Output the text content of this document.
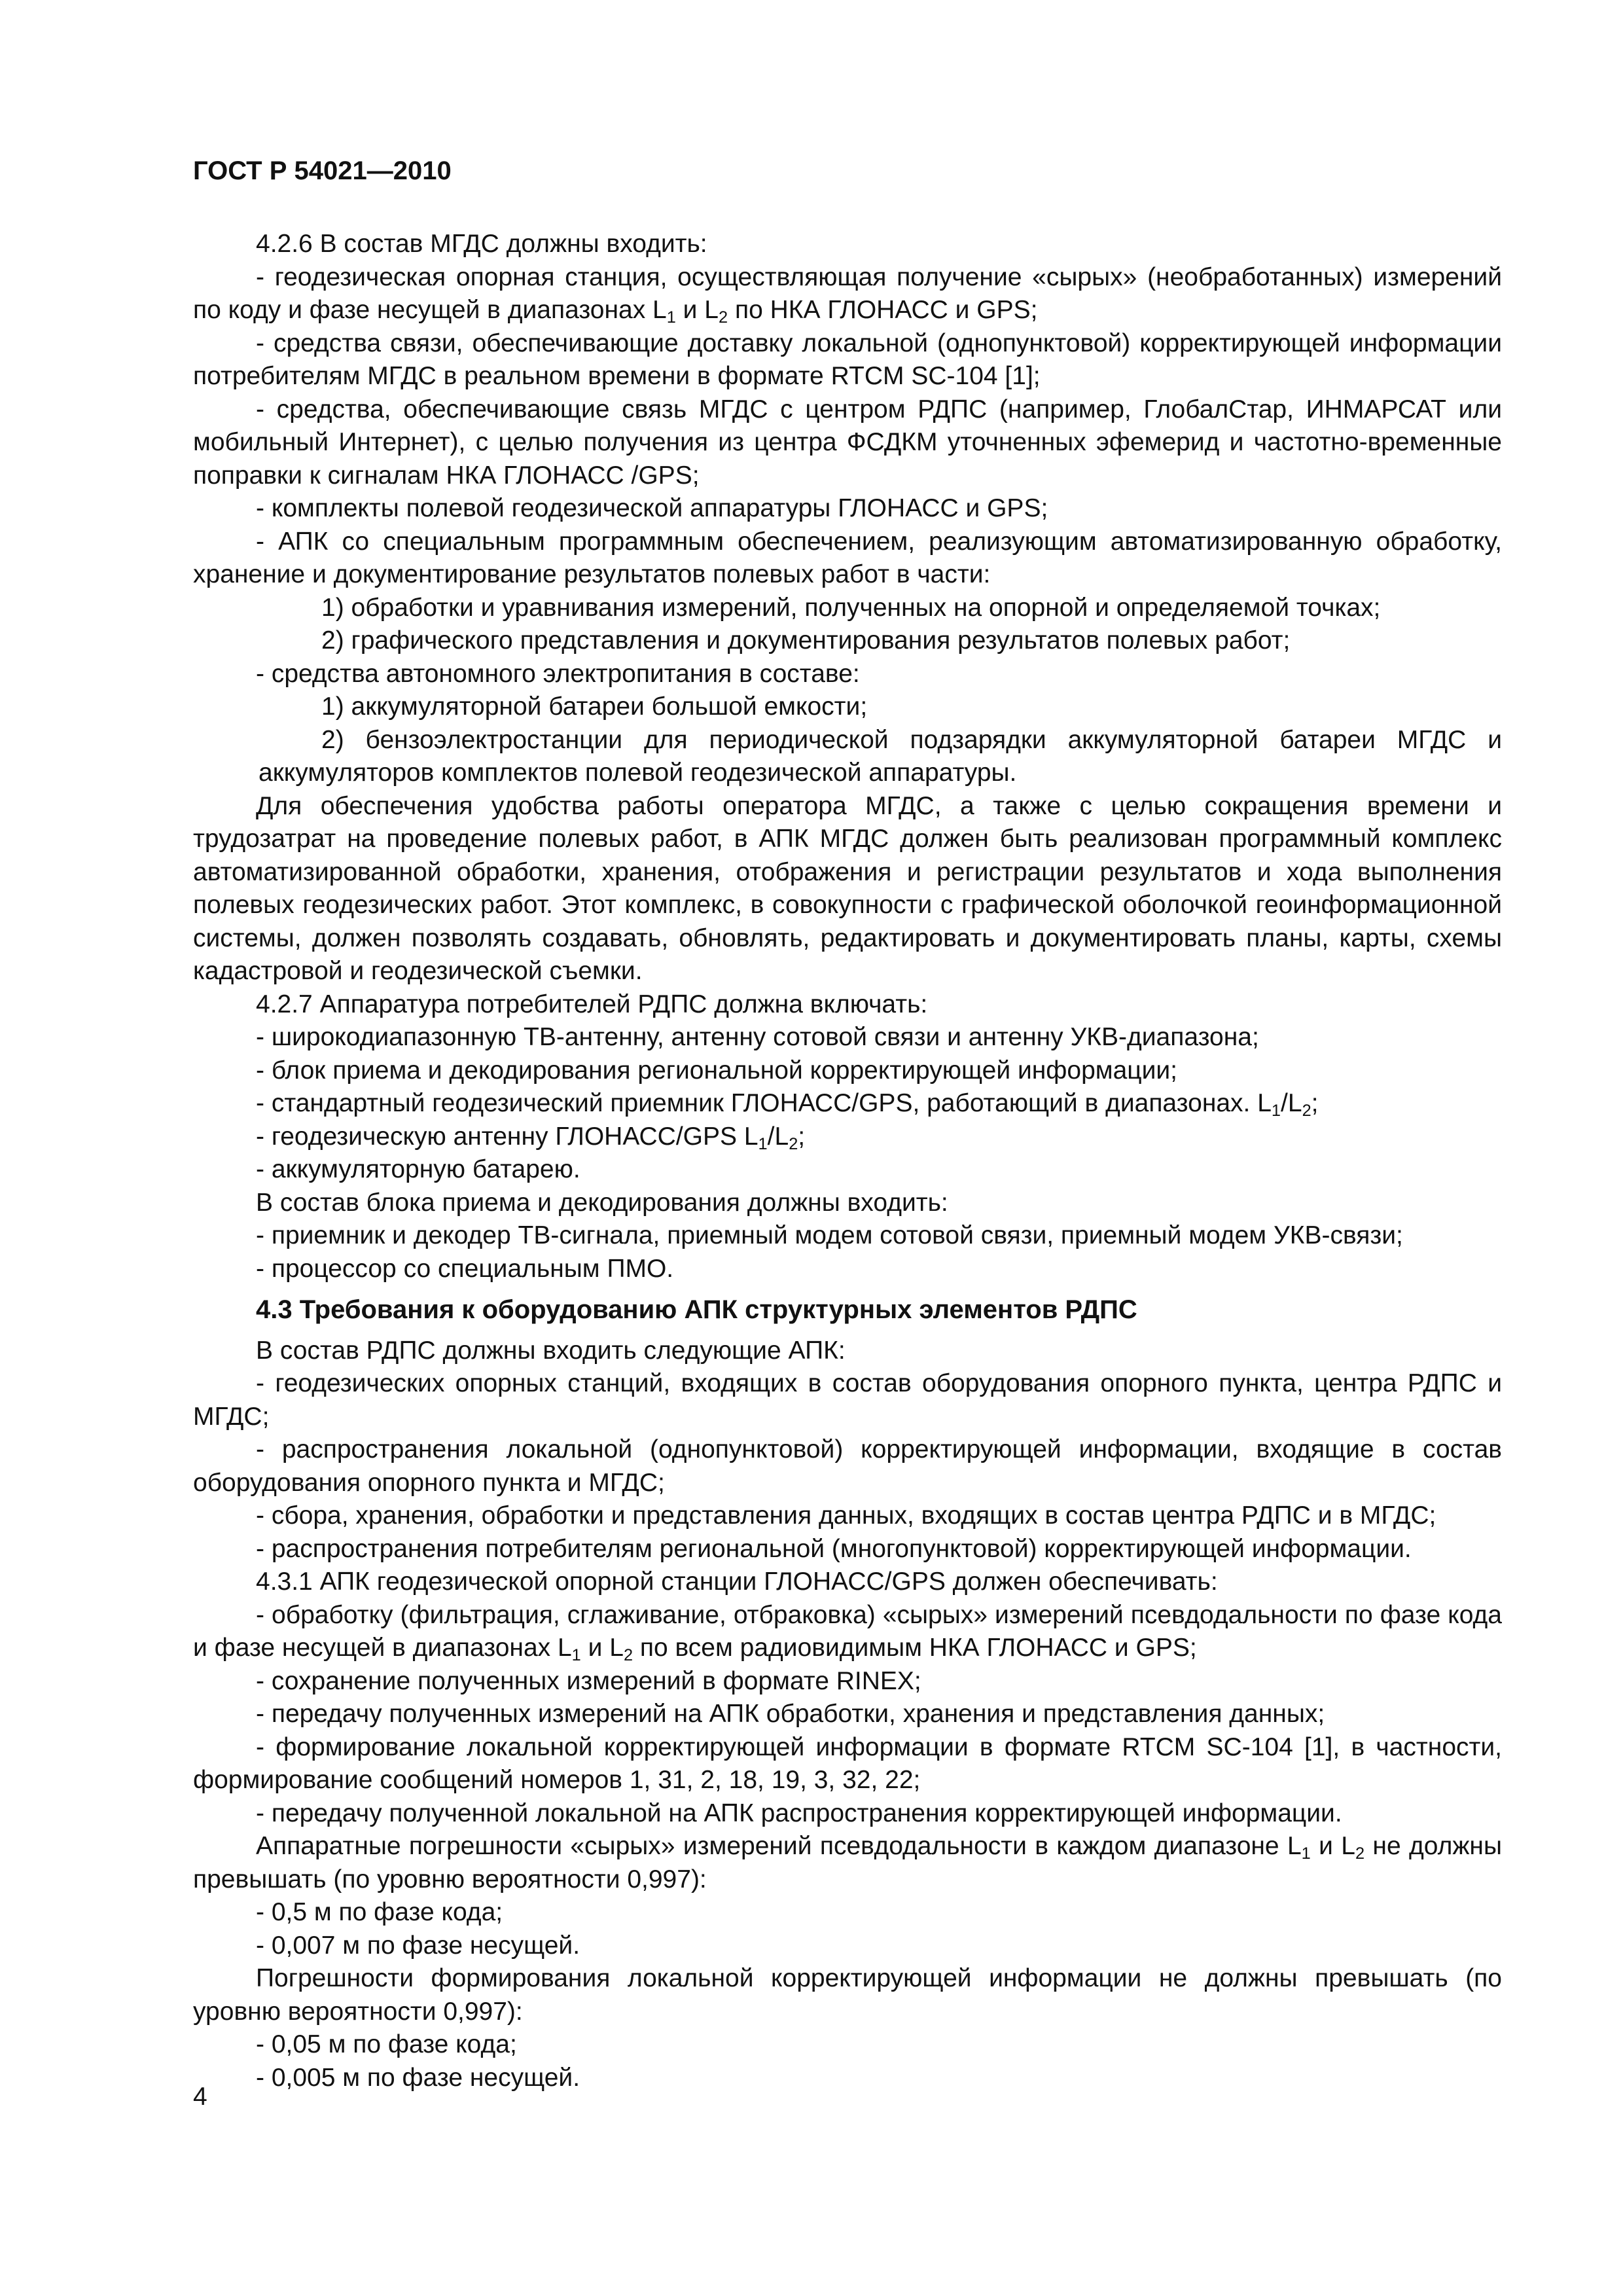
ГОСТ Р 54021—2010

4.2.6 В состав МГДС должны входить:

- геодезическая опорная станция, осуществляющая получение «сырых» (необработанных) измерений по коду и фазе несущей в диапазонах $L_1$ и $L_2$ по НКА ГЛОНАСС и GPS;

- средства связи, обеспечивающие доставку локальной (однопунктовой) корректирующей информации потребителям МГДС в реальном времени в формате RTCM SC-104 [1];

- средства, обеспечивающие связь МГДС с центром РДПС (например, ГлобалСтар, ИНМАРСАТ или мобильный Интернет), с целью получения из центра ФСДКМ уточненных эфемерид и частотно-временные поправки к сигналам НКА ГЛОНАСС /GPS;

- комплекты полевой геодезической аппаратуры ГЛОНАСС и GPS;

- АПК со специальным программным обеспечением, реализующим автоматизированную обработку, хранение и документирование результатов полевых работ в части:

1) обработки и уравнивания измерений, полученных на опорной и определяемой точках;

2) графического представления и документирования результатов полевых работ;

- средства автономного электропитания в составе:

1) аккумуляторной батареи большой емкости;

2) бензоэлектростанции для периодической подзарядки аккумуляторной батареи МГДС и аккумуляторов комплектов полевой геодезической аппаратуры.

Для обеспечения удобства работы оператора МГДС, а также с целью сокращения времени и трудозатрат на проведение полевых работ, в АПК МГДС должен быть реализован программный комплекс автоматизированной обработки, хранения, отображения и регистрации результатов и хода выполнения полевых геодезических работ. Этот комплекс, в совокупности с графической оболочкой геоинформационной системы, должен позволять создавать, обновлять, редактировать и документировать планы, карты, схемы кадастровой и геодезической съемки.

4.2.7 Аппаратура потребителей РДПС должна включать:

- широкодиапазонную ТВ-антенну, антенну сотовой связи и антенну УКВ-диапазона;

- блок приема и декодирования региональной корректирующей информации;

- стандартный геодезический приемник ГЛОНАСС/GPS, работающий в диапазонах. $L_1/L_2$;

- геодезическую антенну ГЛОНАСС/GPS $L_1/L_2$;

- аккумуляторную батарею.

В состав блока приема и декодирования должны входить:

- приемник и декодер ТВ-сигнала, приемный модем сотовой связи, приемный модем УКВ-связи;

- процессор со специальным ПМО.

4.3 Требования к оборудованию АПК структурных элементов РДПС

В состав РДПС должны входить следующие АПК:

- геодезических опорных станций, входящих в состав оборудования опорного пункта, центра РДПС и МГДС;

- распространения локальной (однопунктовой) корректирующей информации, входящие в состав оборудования опорного пункта и МГДС;

- сбора, хранения, обработки и представления данных, входящих в состав центра РДПС и в МГДС;

- распространения потребителям региональной (многопунктовой) корректирующей информации.

4.3.1 АПК геодезической опорной станции ГЛОНАСС/GPS должен обеспечивать:

- обработку (фильтрация, сглаживание, отбраковка) «сырых» измерений псевдодальности по фазе кода и фазе несущей в диапазонах $L_1$ и $L_2$ по всем радиовидимым НКА ГЛОНАСС и GPS;

- сохранение полученных измерений в формате RINEX;

- передачу полученных измерений на АПК обработки, хранения и представления данных;

- формирование локальной корректирующей информации в формате RTCM SC-104 [1], в частности, формирование сообщений номеров 1, 31, 2, 18, 19, 3, 32, 22;

- передачу полученной локальной на АПК распространения корректирующей информации.

Аппаратные погрешности «сырых» измерений псевдодальности в каждом диапазоне $L_1$ и $L_2$ не должны превышать (по уровню вероятности 0,997):

- 0,5 м по фазе кода;

- 0,007 м по фазе несущей.

Погрешности формирования локальной корректирующей информации не должны превышать (по уровню вероятности 0,997):

- 0,05 м по фазе кода;

- 0,005 м по фазе несущей.

4
